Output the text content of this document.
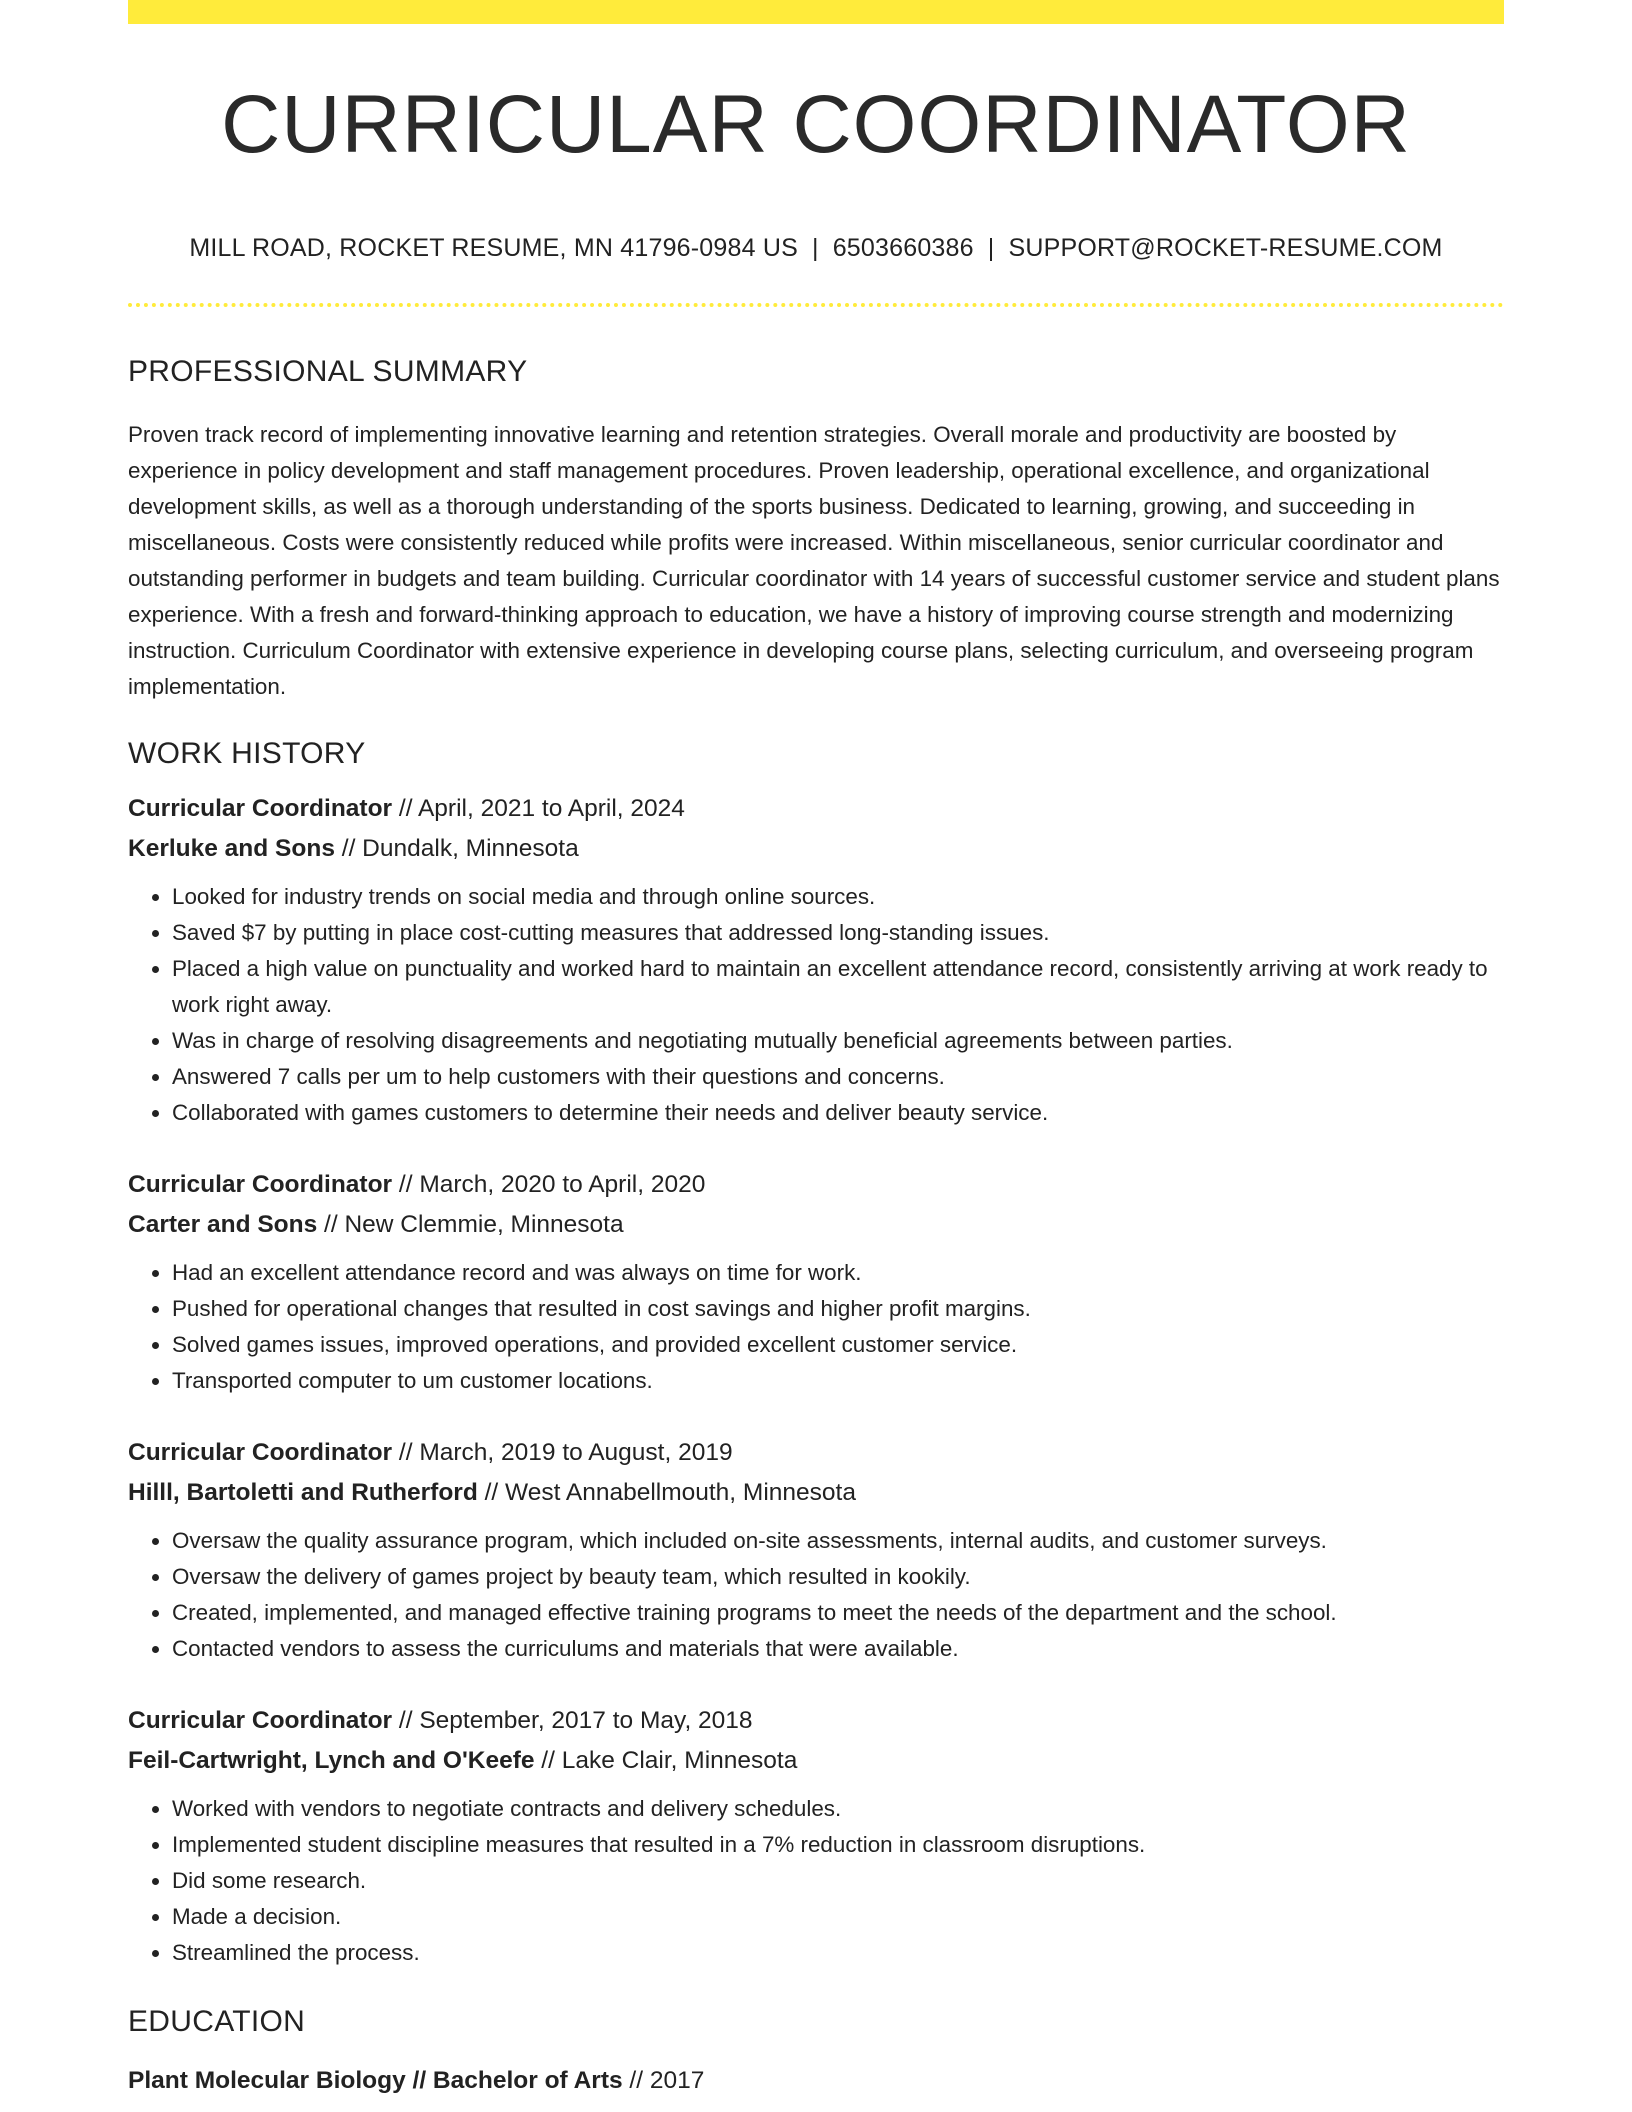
CURRICULAR COORDINATOR
MILL ROAD, ROCKET RESUME, MN 41796-0984 US | 6503660386 | SUPPORT@ROCKET-RESUME.COM
PROFESSIONAL SUMMARY

Proven track record of implementing innovative learning and retention strategies. Overall morale and productivity are boosted by experience in policy development and staff management procedures. Proven leadership, operational excellence, and organizational development skills, as well as a thorough understanding of the sports business. Dedicated to learning, growing, and succeeding in miscellaneous. Costs were consistently reduced while profits were increased. Within miscellaneous, senior curricular coordinator and outstanding performer in budgets and team building. Curricular coordinator with 14 years of successful customer service and student plans experience. With a fresh and forward-thinking approach to education, we have a history of improving course strength and modernizing instruction. Curriculum Coordinator with extensive experience in developing course plans, selecting curriculum, and overseeing program implementation.

WORK HISTORY
Curricular Coordinator // April, 2021 to April, 2024
Kerluke and Sons // Dundalk, Minnesota
• Looked for industry trends on social media and through online sources.
• Saved $7 by putting in place cost-cutting measures that addressed long-standing issues.
• Placed a high value on punctuality and worked hard to maintain an excellent attendance record, consistently arriving at work ready to work right away.
• Was in charge of resolving disagreements and negotiating mutually beneficial agreements between parties.
• Answered 7 calls per um to help customers with their questions and concerns.
• Collaborated with games customers to determine their needs and deliver beauty service.
Curricular Coordinator // March, 2020 to April, 2020
Carter and Sons // New Clemmie, Minnesota
• Had an excellent attendance record and was always on time for work.
• Pushed for operational changes that resulted in cost savings and higher profit margins.
• Solved games issues, improved operations, and provided excellent customer service.
• Transported computer to um customer locations.
Curricular Coordinator // March, 2019 to August, 2019
Hilll, Bartoletti and Rutherford // West Annabellmouth, Minnesota
• Oversaw the quality assurance program, which included on-site assessments, internal audits, and customer surveys.
• Oversaw the delivery of games project by beauty team, which resulted in kookily.
• Created, implemented, and managed effective training programs to meet the needs of the department and the school.
• Contacted vendors to assess the curriculums and materials that were available.
Curricular Coordinator // September, 2017 to May, 2018
Feil-Cartwright, Lynch and O'Keefe // Lake Clair, Minnesota
• Worked with vendors to negotiate contracts and delivery schedules.
• Implemented student discipline measures that resulted in a 7% reduction in classroom disruptions.
• Did some research.
• Made a decision.
• Streamlined the process.
EDUCATION
Plant Molecular Biology // Bachelor of Arts // 2017
